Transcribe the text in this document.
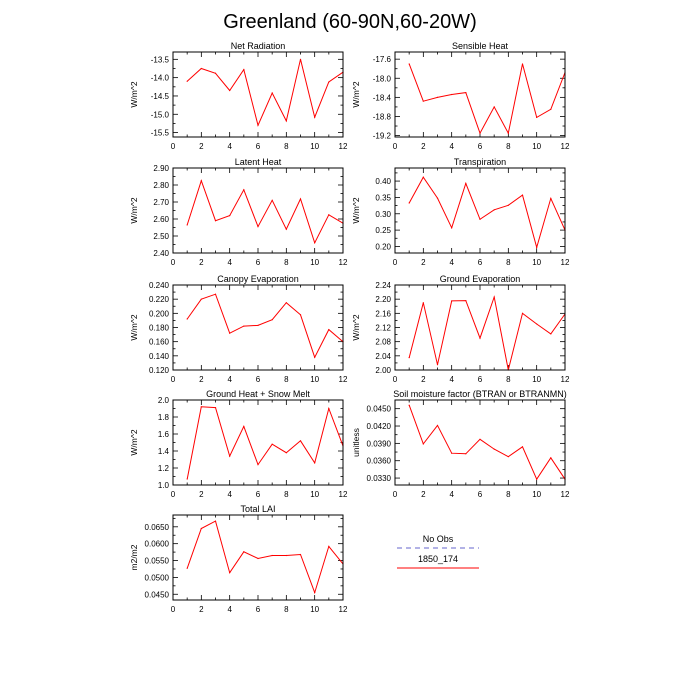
Greenland (60-90N,60-20W)
Net Radiation
W/m^2
0	2	4	6	8	10 12
-13.5
-14.0
-14.5
-15.0
-15.5
Sensible Heat
W/m^2
0	2	4	6	8	10 12
-17.6
-18.0
-18.4
-18.8
-19.2
Latent Heat
W/m^2
0	2	4	6	8	10 12
2.40
2.50
2.60
2.70
2.80
2.90
Transpiration
W/m^2
0	2	4	6	8	10 12
0.20
0.25
0.30
0.35
0.40
Canopy Evaporation
W/m^2
0	2	4	6	8	10 12
0.120
0.140
0.160
0.180
0.200
0.220
0.240
Ground Evaporation
W/m^2
0	2	4	6	8	10 12
2.00
2.04
2.08
2.12
2.16
2.20
2.24
Ground Heat + Snow Melt
W/m^2
0	2	4	6	8	10 12
1.0
1.2
1.4
1.6
1.8
2.0
Soil moisture factor (BTRAN or BTRANMN)
unitless
0	2	4	6	8	10 12
0.0330
0.0360
0.0390
0.0420
0.0450
Total LAI
m2/m2
0	2	4	6	8	10 12
0.0450
0.0500
0.0550
0.0600
0.0650
No Obs
1850_174
